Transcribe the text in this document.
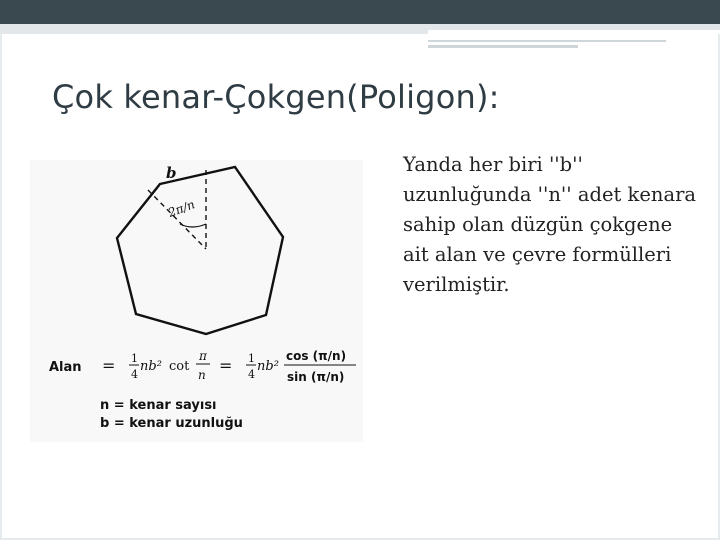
Çok kenar-Çokgen(Poligon):
b
2π/n
Alan = 1
4
nb² cot
π
n = 1
4
nb²
cos (π/n)
sin (π/n)
n = kenar sayısı
b = kenar uzunluğu
Yanda her biri ''b'' uzunluğunda ''n'' adet kenara sahip olan düzgün çokgene ait alan ve çevre formülleri verilmiştir.
